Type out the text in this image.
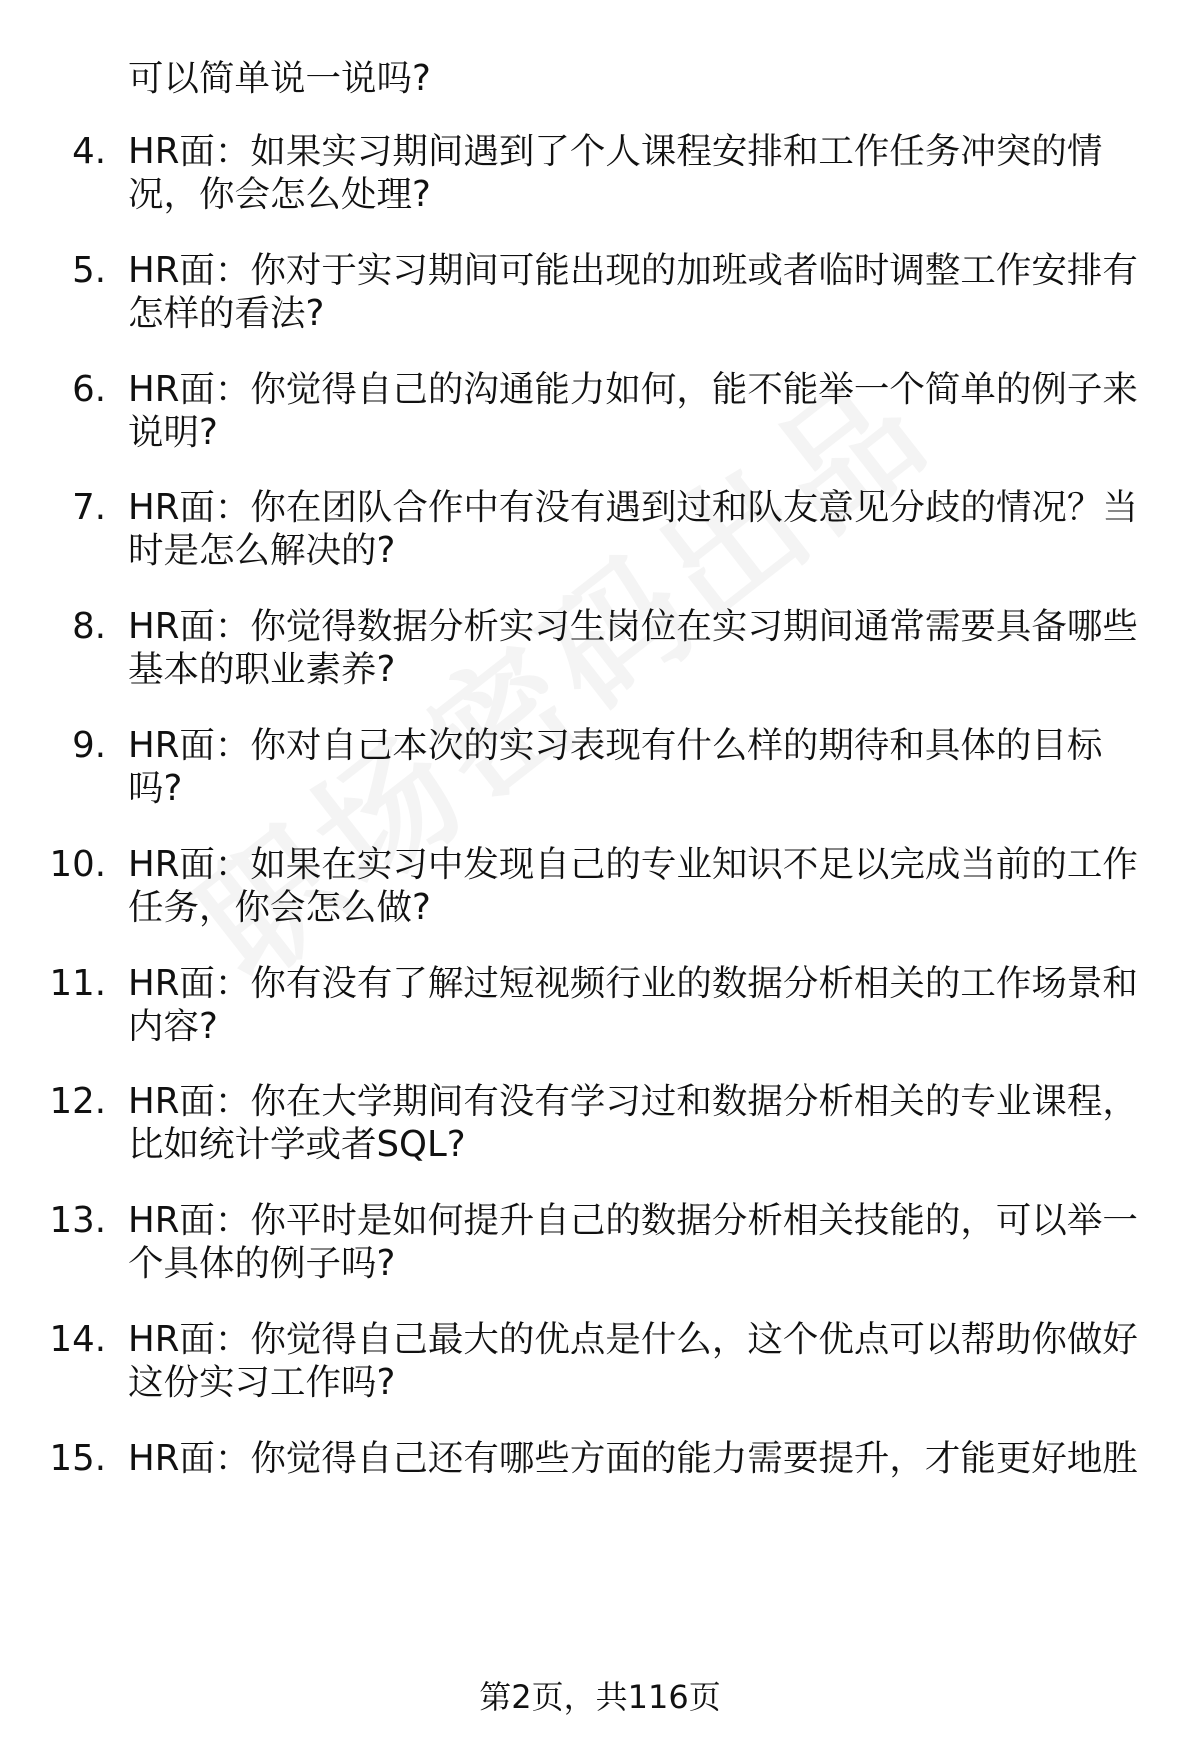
可以简单说一说吗?
4. HR面：如果实习期间遇到了个人课程安排和工作任务冲突的情
况，你会怎么处理?
5. HR面：你对于实习期间可能出现的加班或者临时调整工作安排有
怎样的看法?
6. HR面：你觉得自己的沟通能力如何，能不能举一个简单的例子来
说明?
7. HR面：你在团队合作中有没有遇到过和队友意见分歧的情况？当
时是怎么解决的?
8. HR面：你觉得数据分析实习生岗位在实习期间通常需要具备哪些
基本的职业素养?
9. HR面：你对自己本次的实习表现有什么样的期待和具体的目标
吗?
10. HR面：如果在实习中发现自己的专业知识不足以完成当前的工作
任务，你会怎么做?
11. HR面：你有没有了解过短视频行业的数据分析相关的工作场景和
内容?
12. HR面：你在大学期间有没有学习过和数据分析相关的专业课程，
比如统计学或者SQL?
13. HR面：你平时是如何提升自己的数据分析相关技能的，可以举一
个具体的例子吗?
14. HR面：你觉得自己最大的优点是什么，这个优点可以帮助你做好
这份实习工作吗?
15. HR面：你觉得自己还有哪些方面的能力需要提升，才能更好地胜
第2页，共116页
